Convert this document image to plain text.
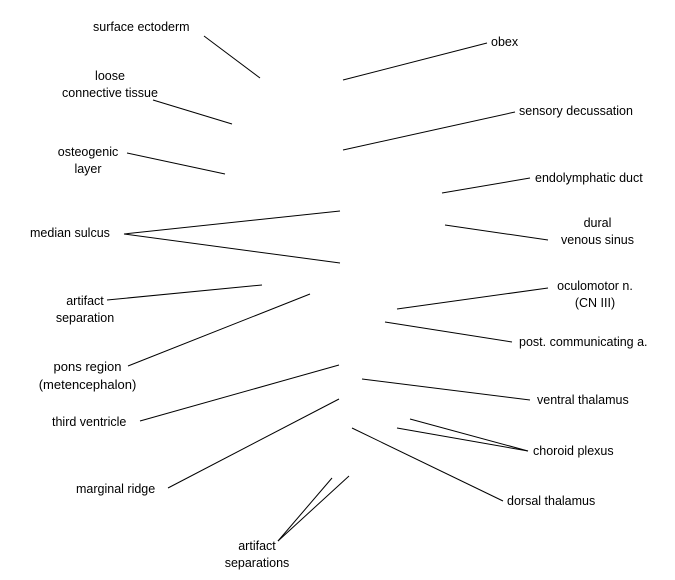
surface ectoderm
loose
connective tissue
osteogenic
layer
median sulcus
artifact
separation
pons region
(metencephalon)
third ventricle
marginal ridge
artifact
separations
obex
sensory decussation
endolymphatic duct
dural
venous sinus
oculomotor n.
(CN III)
post. communicating a.
ventral thalamus
choroid plexus
dorsal thalamus
